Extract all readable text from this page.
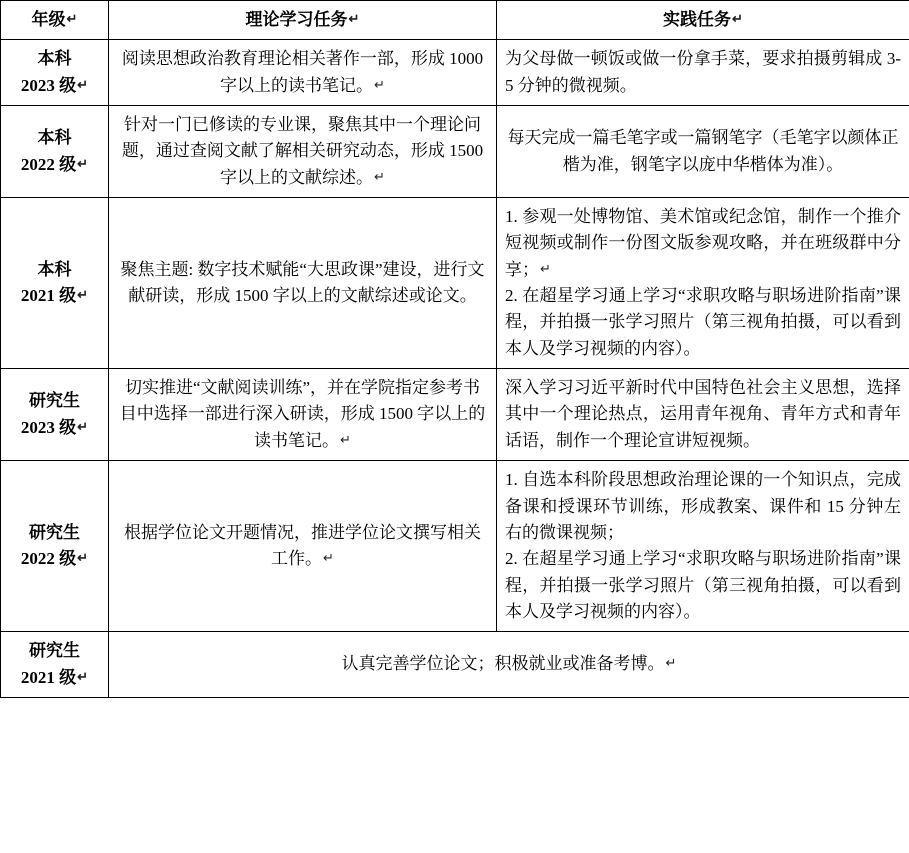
年级↵	理论学习任务↵	实践任务↵

本科
2023 级↵	阅读思想政治教育理论相关著作一部，形成 1000 字以上的读书笔记。↵	为父母做一顿饭或做一份拿手菜，要求拍摄剪辑成 3-5 分钟的微视频。

本科
2022 级↵	针对一门已修读的专业课，聚焦其中一个理论问题，通过查阅文献了解相关研究动态，形成 1500 字以上的文献综述。↵	每天完成一篇毛笔字或一篇钢笔字（毛笔字以颜体正楷为准，钢笔字以庞中华楷体为准）。

本科
2021 级↵	聚焦主题: 数字技术赋能“大思政课”建设，进行文献研读，形成 1500 字以上的文献综述或论文。	1. 参观一处博物馆、美术馆或纪念馆，制作一个推介短视频或制作一份图文版参观攻略，并在班级群中分享；↵
2. 在超星学习通上学习“求职攻略与职场进阶指南”课程，并拍摄一张学习照片（第三视角拍摄，可以看到本人及学习视频的内容）。

研究生
2023 级↵	切实推进“文献阅读训练”，并在学院指定参考书目中选择一部进行深入研读，形成 1500 字以上的读书笔记。↵	深入学习习近平新时代中国特色社会主义思想，选择其中一个理论热点，运用青年视角、青年方式和青年话语，制作一个理论宣讲短视频。

研究生
2022 级↵	根据学位论文开题情况，推进学位论文撰写相关工作。↵	1. 自选本科阶段思想政治理论课的一个知识点，完成备课和授课环节训练，形成教案、课件和 15 分钟左右的微课视频；
2. 在超星学习通上学习“求职攻略与职场进阶指南”课程，并拍摄一张学习照片（第三视角拍摄，可以看到本人及学习视频的内容）。

研究生
2021 级↵	认真完善学位论文；积极就业或准备考博。↵	
